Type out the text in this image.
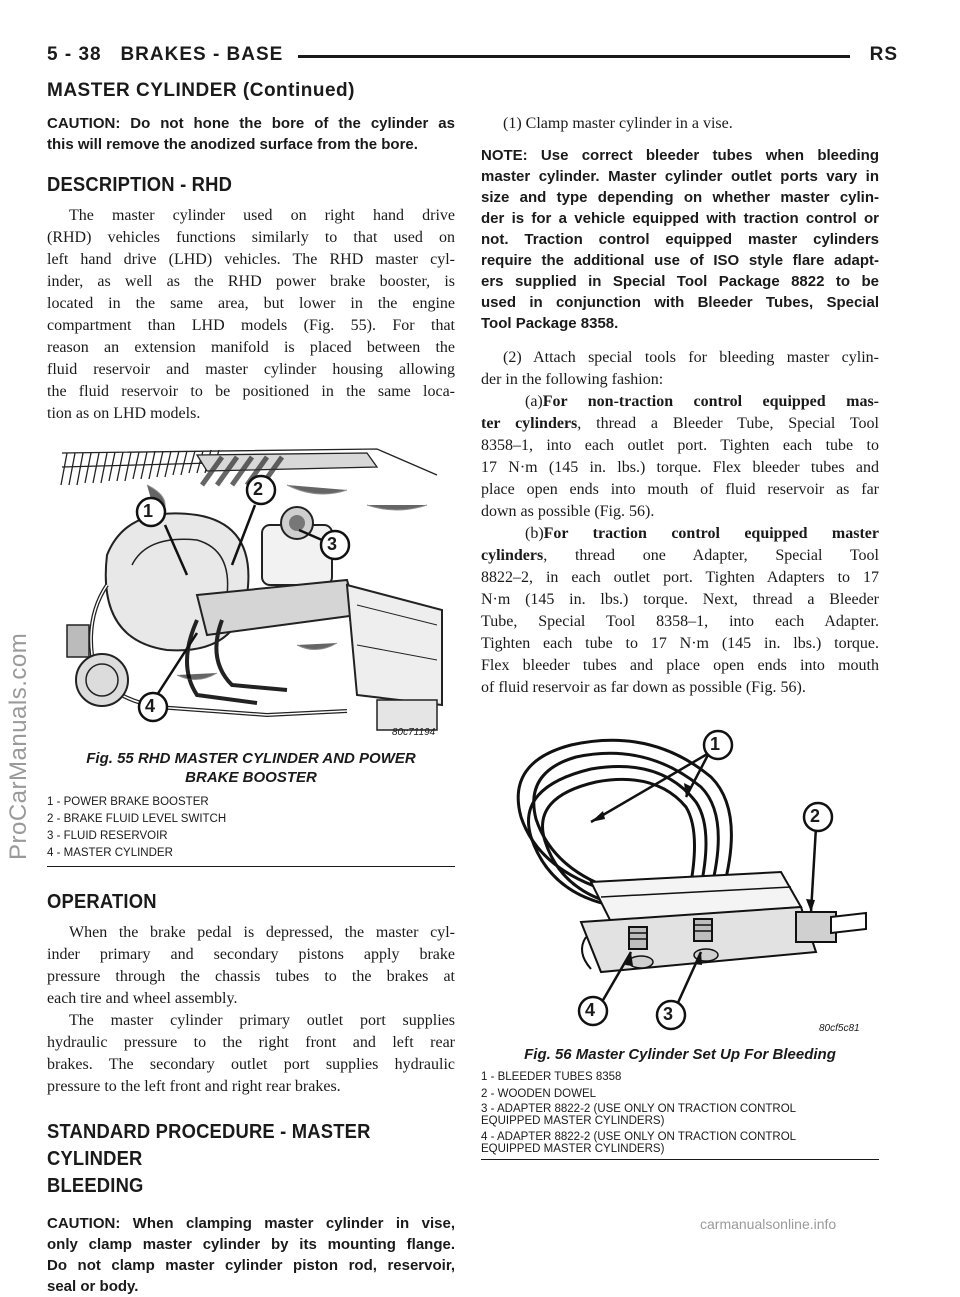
5 - 38 BRAKES - BASE	RS
MASTER CYLINDER (Continued)
CAUTION: Do not hone the bore of the cylinder as
this will remove the anodized surface from the bore.
DESCRIPTION - RHD
The master cylinder used on right hand drive
(RHD) vehicles functions similarly to that used on
left hand drive (LHD) vehicles. The RHD master cyl-
inder, as well as the RHD power brake booster, is
located in the same area, but lower in the engine
compartment than LHD models (Fig. 55). For that
reason an extension manifold is placed between the
fluid reservoir and master cylinder housing allowing
the fluid reservoir to be positioned in the same loca-
tion as on LHD models.
1
2
3
4
80c71194
Fig. 55 RHD MASTER CYLINDER AND POWER
BRAKE BOOSTER
1 - POWER BRAKE BOOSTER
2 - BRAKE FLUID LEVEL SWITCH
3 - FLUID RESERVOIR
4 - MASTER CYLINDER
OPERATION
When the brake pedal is depressed, the master cyl-
inder primary and secondary pistons apply brake
pressure through the chassis tubes to the brakes at
each tire and wheel assembly.
The master cylinder primary outlet port supplies
hydraulic pressure to the right front and left rear
brakes. The secondary outlet port supplies hydraulic
pressure to the left front and right rear brakes.
STANDARD PROCEDURE - MASTER CYLINDER
BLEEDING
CAUTION: When clamping master cylinder in vise,
only clamp master cylinder by its mounting flange.
Do not clamp master cylinder piston rod, reservoir,
seal or body.
(1) Clamp master cylinder in a vise.
NOTE: Use correct bleeder tubes when bleeding
master cylinder. Master cylinder outlet ports vary in
size and type depending on whether master cylin-
der is for a vehicle equipped with traction control or
not. Traction control equipped master cylinders
require the additional use of ISO style flare adapt-
ers supplied in Special Tool Package 8822 to be
used in conjunction with Bleeder Tubes, Special
Tool Package 8358.
(2) Attach special tools for bleeding master cylin-
der in the following fashion:
(a)For non-traction control equipped mas-
ter cylinders, thread a Bleeder Tube, Special Tool
8358–1, into each outlet port. Tighten each tube to
17 N·m (145 in. lbs.) torque. Flex bleeder tubes and
place open ends into mouth of fluid reservoir as far
down as possible (Fig. 56).
(b)For traction control equipped master
cylinders, thread one Adapter, Special Tool
8822–2, in each outlet port. Tighten Adapters to 17
N·m (145 in. lbs.) torque. Next, thread a Bleeder
Tube, Special Tool 8358–1, into each Adapter.
Tighten each tube to 17 N·m (145 in. lbs.) torque.
Flex bleeder tubes and place open ends into mouth
of fluid reservoir as far down as possible (Fig. 56).
1
2
3
4
80cf5c81
Fig. 56 Master Cylinder Set Up For Bleeding
1 - BLEEDER TUBES 8358
2 - WOODEN DOWEL
3 - ADAPTER 8822-2 (USE ONLY ON TRACTION CONTROL EQUIPPED MASTER CYLINDERS)
4 - ADAPTER 8822-2 (USE ONLY ON TRACTION CONTROL EQUIPPED MASTER CYLINDERS)
ProCarManuals.com
carmanualsonline.info
